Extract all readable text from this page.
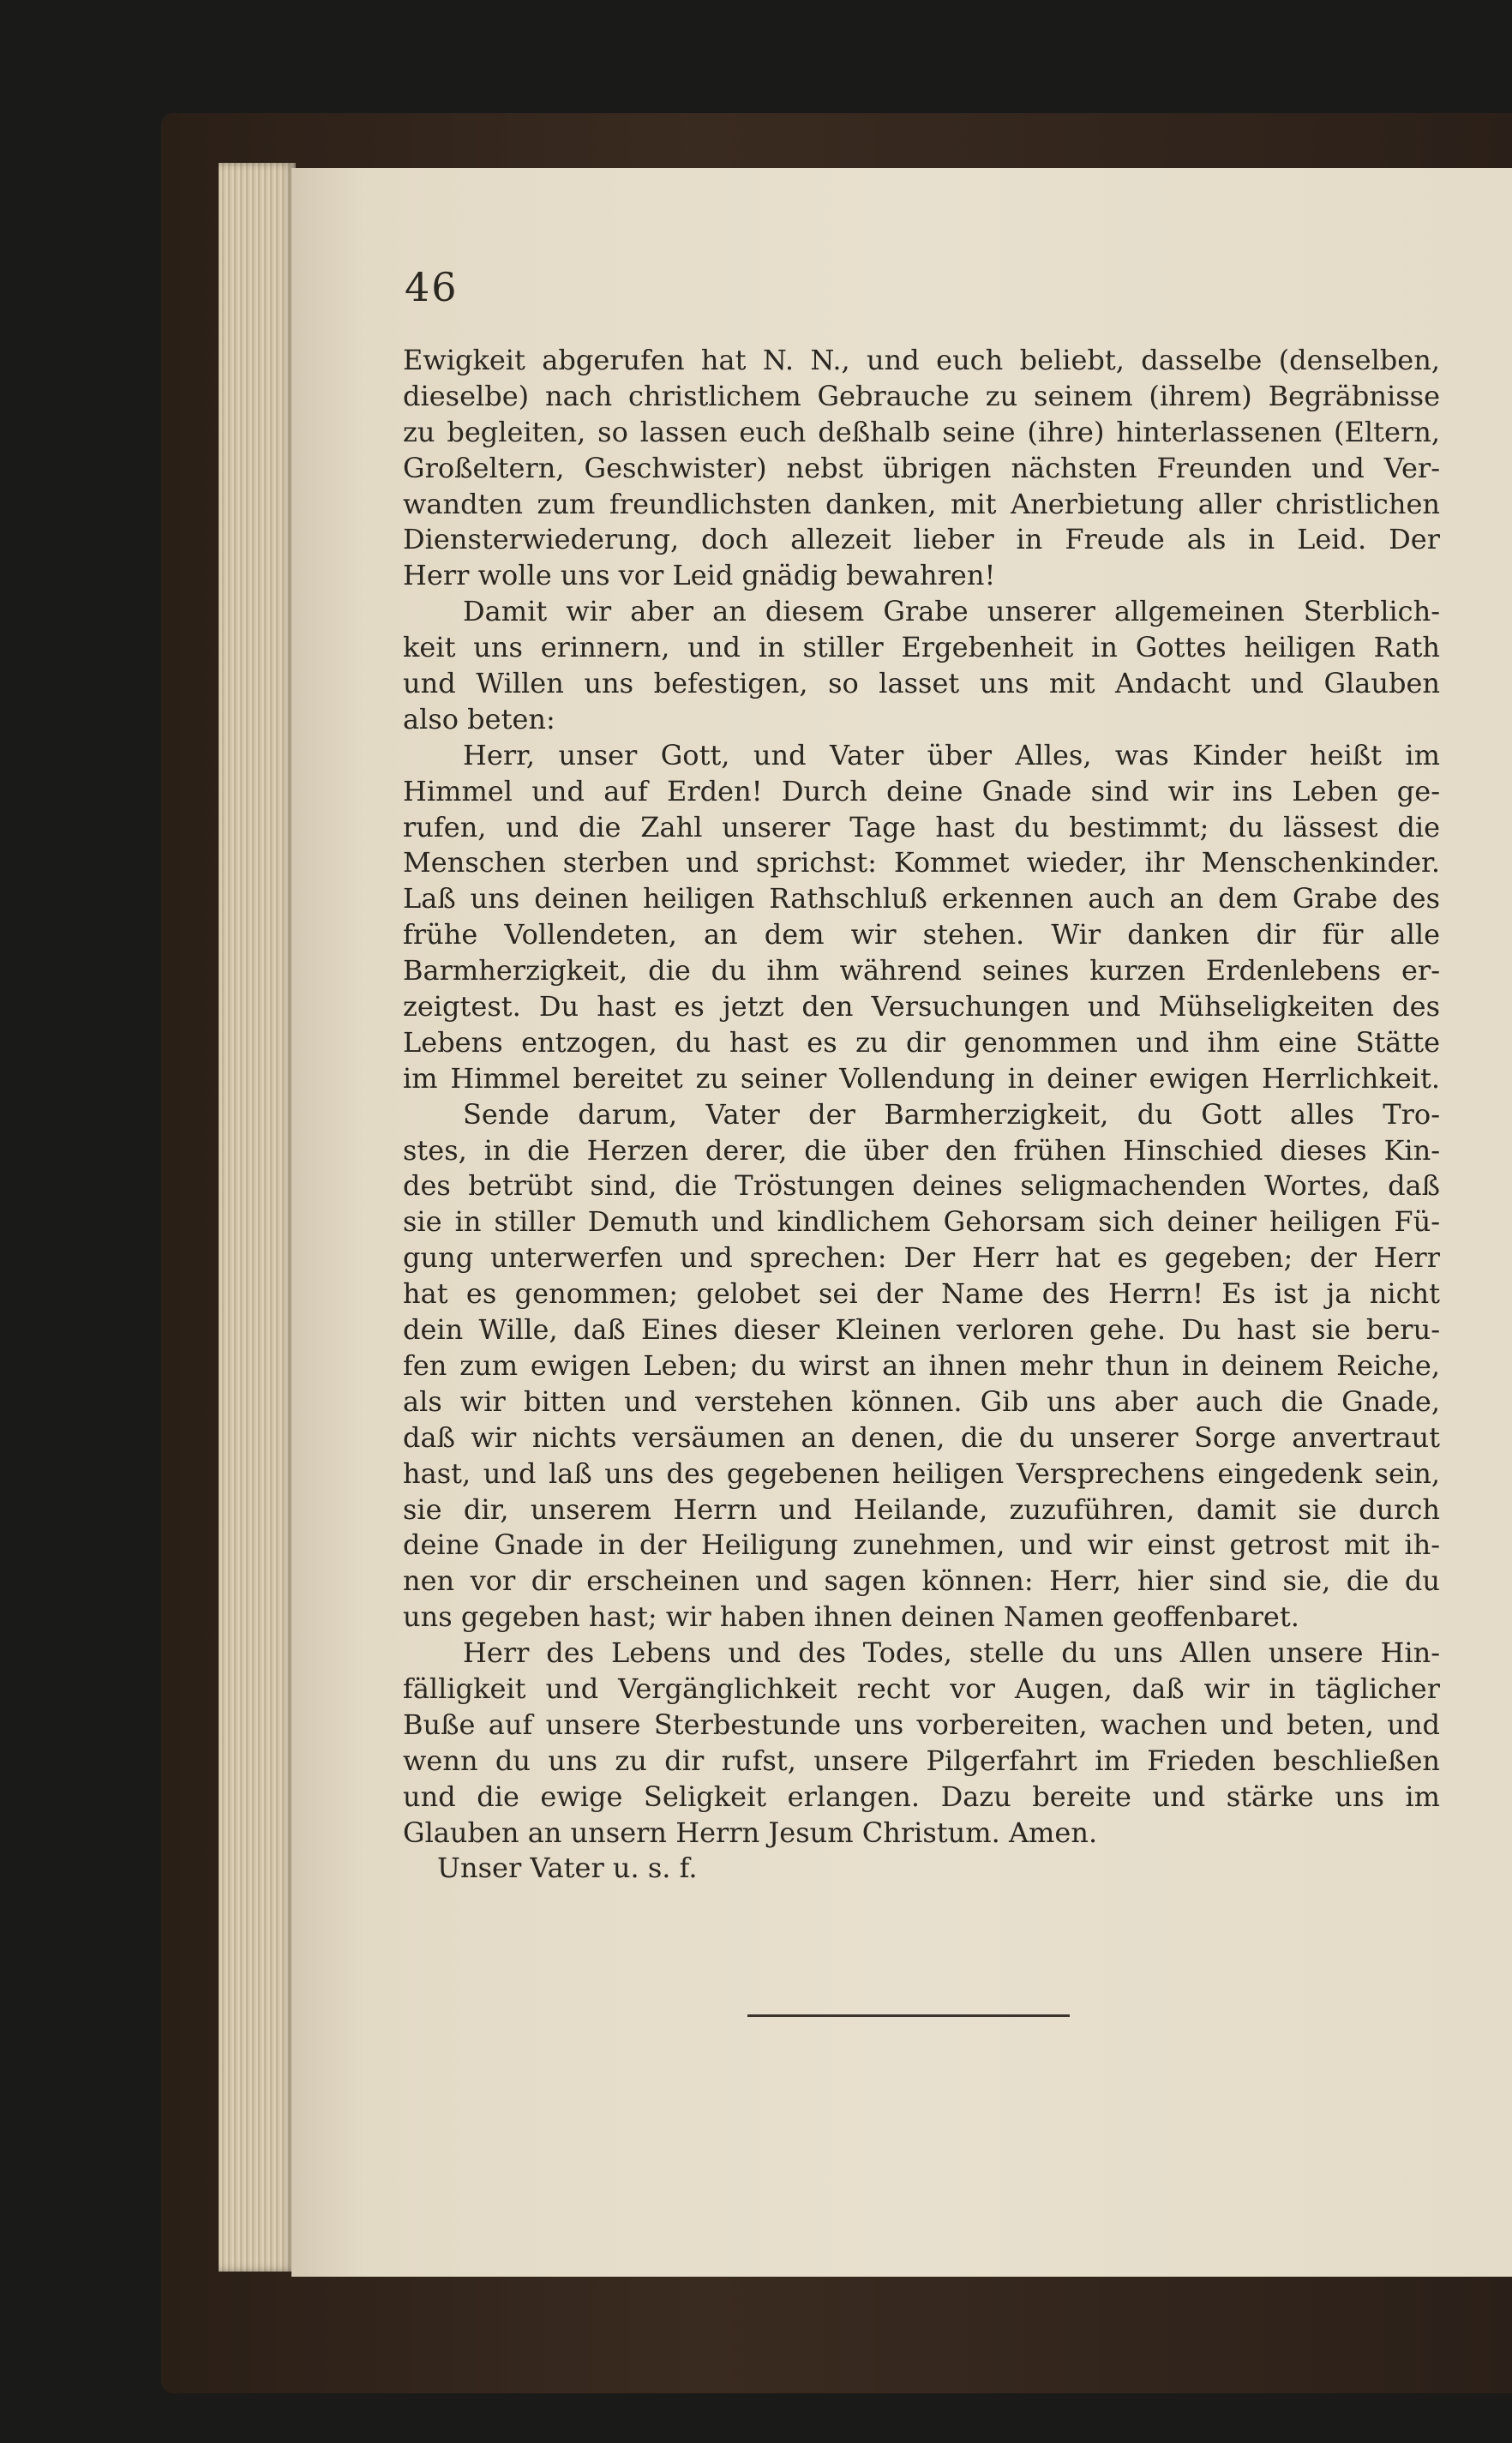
46
Ewigkeit abgerufen hat N. N., und euch beliebt, dasselbe (denselben,
dieselbe) nach christlichem Gebrauche zu seinem (ihrem) Begräbnisse
zu begleiten, so lassen euch deßhalb seine (ihre) hinterlassenen (Eltern,
Großeltern, Geschwister) nebst übrigen nächsten Freunden und Ver-
wandten zum freundlichsten danken, mit Anerbietung aller christlichen
Diensterwiederung, doch allezeit lieber in Freude als in Leid. Der
Herr wolle uns vor Leid gnädig bewahren!
Damit wir aber an diesem Grabe unserer allgemeinen Sterblich-
keit uns erinnern, und in stiller Ergebenheit in Gottes heiligen Rath
und Willen uns befestigen, so lasset uns mit Andacht und Glauben
also beten:
Herr, unser Gott, und Vater über Alles, was Kinder heißt im
Himmel und auf Erden! Durch deine Gnade sind wir ins Leben ge-
rufen, und die Zahl unserer Tage hast du bestimmt; du lässest die
Menschen sterben und sprichst: Kommet wieder, ihr Menschenkinder.
Laß uns deinen heiligen Rathschluß erkennen auch an dem Grabe des
frühe Vollendeten, an dem wir stehen. Wir danken dir für alle
Barmherzigkeit, die du ihm während seines kurzen Erdenlebens er-
zeigtest. Du hast es jetzt den Versuchungen und Mühseligkeiten des
Lebens entzogen, du hast es zu dir genommen und ihm eine Stätte
im Himmel bereitet zu seiner Vollendung in deiner ewigen Herrlichkeit.
Sende darum, Vater der Barmherzigkeit, du Gott alles Tro-
stes, in die Herzen derer, die über den frühen Hinschied dieses Kin-
des betrübt sind, die Tröstungen deines seligmachenden Wortes, daß
sie in stiller Demuth und kindlichem Gehorsam sich deiner heiligen Fü-
gung unterwerfen und sprechen: Der Herr hat es gegeben; der Herr
hat es genommen; gelobet sei der Name des Herrn! Es ist ja nicht
dein Wille, daß Eines dieser Kleinen verloren gehe. Du hast sie beru-
fen zum ewigen Leben; du wirst an ihnen mehr thun in deinem Reiche,
als wir bitten und verstehen können. Gib uns aber auch die Gnade,
daß wir nichts versäumen an denen, die du unserer Sorge anvertraut
hast, und laß uns des gegebenen heiligen Versprechens eingedenk sein,
sie dir, unserem Herrn und Heilande, zuzuführen, damit sie durch
deine Gnade in der Heiligung zunehmen, und wir einst getrost mit ih-
nen vor dir erscheinen und sagen können: Herr, hier sind sie, die du
uns gegeben hast; wir haben ihnen deinen Namen geoffenbaret.
Herr des Lebens und des Todes, stelle du uns Allen unsere Hin-
fälligkeit und Vergänglichkeit recht vor Augen, daß wir in täglicher
Buße auf unsere Sterbestunde uns vorbereiten, wachen und beten, und
wenn du uns zu dir rufst, unsere Pilgerfahrt im Frieden beschließen
und die ewige Seligkeit erlangen. Dazu bereite und stärke uns im
Glauben an unsern Herrn Jesum Christum. Amen.
Unser Vater u. s. f.
